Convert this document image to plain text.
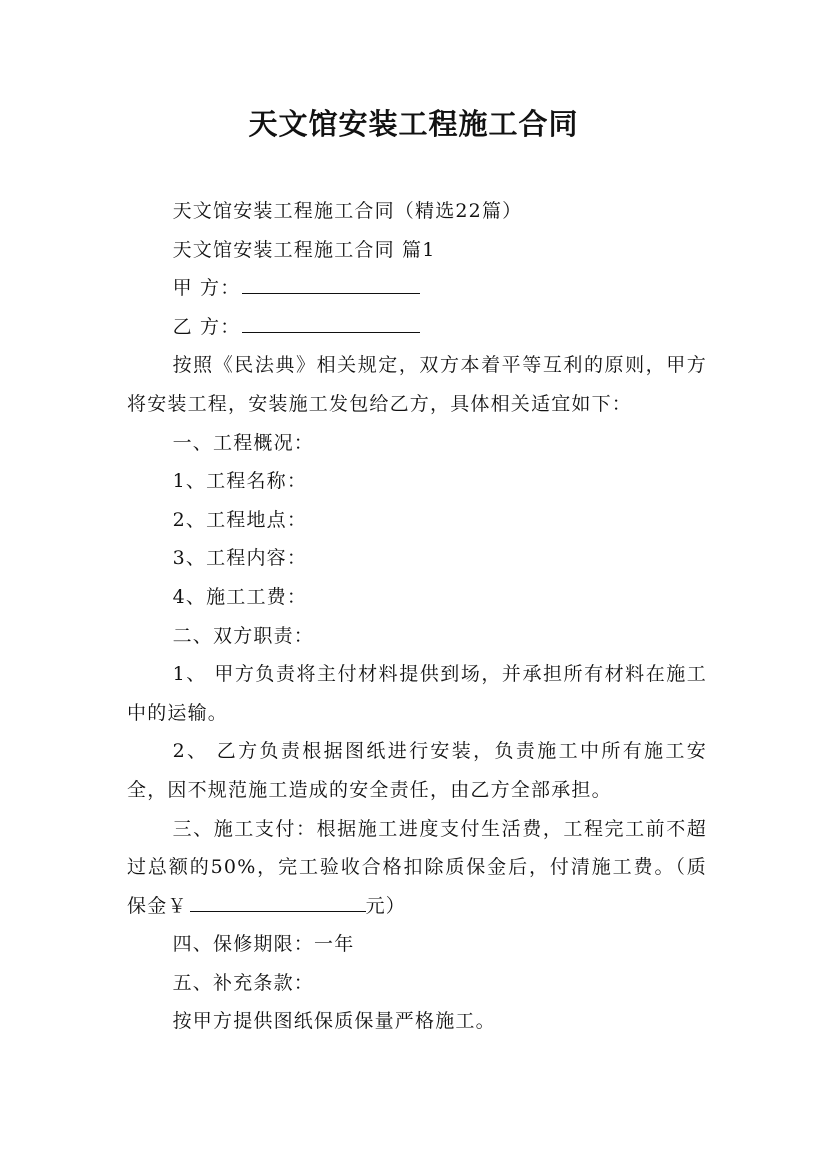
天文馆安装工程施工合同

天文馆安装工程施工合同（精选22篇）

天文馆安装工程施工合同 篇1

甲 方：

乙 方：

按照《民法典》相关规定，双方本着平等互利的原则，甲方将安装工程，安装施工发包给乙方，具体相关适宜如下：

一、工程概况：

1、工程名称：

2、工程地点：

3、工程内容：

4、施工工费：

二、双方职责：

1、 甲方负责将主付材料提供到场，并承担所有材料在施工中的运输。

2、 乙方负责根据图纸进行安装，负责施工中所有施工安全，因不规范施工造成的安全责任，由乙方全部承担。

三、施工支付：根据施工进度支付生活费，工程完工前不超过总额的50%，完工验收合格扣除质保金后，付清施工费。（质保金￥	元）

四、保修期限：一年

五、补充条款：

按甲方提供图纸保质保量严格施工。
